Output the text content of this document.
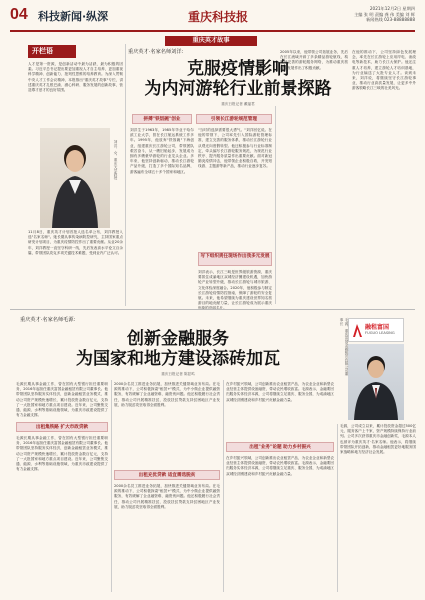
04 科技新闻·纵深	重庆科技报
2021年12月2日 星期四
主编 张 明 责编 龚 伟 美编 刘 辉
新闻热线 023-88888888
重庆英才故事
开栏语
人才是第一资源，是创新活动中最为活跃、最为积极的因素。习近平总书记提出要更加重视人才自主培养，更加重视科学精神、创新能力、批判性思维的培养教育。为深入贯彻中央人才工作会议精神，本报推出"重庆英才故事"专栏，讲述重庆英才扎根巴渝、潜心科研、服务发展的创新故事，营造尊才爱才的良好氛围。
刘洋，女，重庆大学教授
11月8日，重庆英才计划首批人选名单公布，刘洋教授入选"名家名师"。她长期从事传染病防控研究，主持国家重点研发计划项目，为重庆疫情防控作出了重要贡献。从业20余年，刘洋教授一直坚守科研一线，先后发表高水平论文百余篇，带领团队攻克多项关键技术难题，受到业内广泛认可。
重庆英才·名家名师刘洋：
克服疫情影响
为内河游轮行业前景探路
重庆日报记者 戴福君
拼搏"铁饭碗"创业	引领长江游轮规范管理
刘洋生于1963年，1985年毕业于哈尔滨工业大学，曾在长江航运系统工作多年。1995年，他放弃"铁饭碗"下海创业，组建重庆长江游轮公司，带领团队艰苦奋斗，从一艘旧船起步，发展成为拥有多艘豪华游轮的行业龙头企业。多年来，他坚持创新驱动，推动长江游轮产品升级，打造了多个国际知名品牌，游客遍布全球五十多个国家和地区。
"当时的选择需要很大勇气。"刘洋回忆说。在他的带领下，公司率先引入国际游轮管理标准，建立完善的服务体系，推动长江游轮行业从观光向度假转型。他还积极参与行业标准制定，牵头编写长江游轮服务规范，为规范行业秩序、提升服务质量作出重要贡献。面对新冠肺炎疫情冲击，他带领企业积极自救，开发短线游、主题游等新产品，推动行业逐步复苏。
写下组织责任现场作出我多元发展
刘洋表示，长江三峡是世界级旅游资源，重庆要抓住成渝地区双城经济圈建设机遇，加快游轮产业转型升级，推动长江游轮与城市旅游、文化体验深度融合。2020年，他积极参与制定长江游轮疫情防控指南，保障了游轮的安全复航。未来，他希望继续为重庆建设世界知名旅游目的地贡献力量，让长江游轮成为展示重庆
2005年以来，他带领公司拓展业务，先后在长江流域开辟了多条精品游轮航线，构建起完善的游轮服务网络，为推动重庆旅游业发展作出了积极贡献。
在他的推动下，公司坚持绿色发展理念，率先在长江游轮上应用岸电、油改电等新技术，助力长江大保护。他还注重人才培养，建立游轮人才培训基地，为行业输送了大批专业人才。谈到未来，刘洋说，将继续坚守长江游轮事业，推动行业高质量发展，让更多中外游客领略长江三峡的壮美风光。
重庆英才·名家名师毛源：
创新金融服务
为国家和地方建设添砖加瓦
重庆日报记者 陈显鸣
融租富国
FUGUO LEASING
毛源，重庆富国金融租赁有限公司董事长
毛源长期从事金融工作，曾在国有大型银行担任重要职务，2016年起担任重庆富国金融租赁有限公司董事长。他带领团队坚持服务实体经济，创新金融租赁业务模式，推动公司资产规模快速增长，累计投放资金数百亿元，支持了一大批国家和地方重点项目建设。近年来，公司聚焦交通、能源、水利等基础设施领域，为重庆市政建设提供了有力金融支撑。
出租集铁路 扩大市政贷款
毛源长期从事金融工作，曾在国有大型银行担任重要职务，2016年起担任重庆富国金融租赁有限公司董事长。他带领团队坚持服务实体经济，创新金融租赁业务模式，推动公司资产规模快速增长，累计投放资金数百亿元，支持了一大批国家和地方重点项目建设。近年来，公司聚焦交通、能源、水利等基础设施领域，为重庆市政建设提供了有力金融支撑。
2000余名员工推进业务拓展，加快推进关键领域业务布局。在毛源的推动下，公司积极探索"租赁+"模式，为中小微企业提供融资服务，有效缓解了企业融资难、融资贵问题。他还积极履行社会责任，推动公司开展精准扶贫，投放扶贫贷款支持贫困地区产业发展，助力脱贫攻坚取得全面胜利。
出租充优贷款 适宜需选脱贫
2000余名员工推进业务拓展，加快推进关键领域业务布局。在毛源的推动下，公司积极探索"租赁+"模式，为中小微企业提供融资服务，有效缓解了企业融资难、融资贵问题。他还积极履行社会责任，推动公司开展精准扶贫，投放扶贫贷款支持贫困地区产业发展，助力脱贫攻坚取得全面胜利。
在乡村振兴领域，公司创新推出农业租赁产品，为农业企业和新型农业经营主体提供设备融资，带动农民增收致富。毛源表示，金融要回归服务实体经济本源，公司将继续立足重庆、服务全国，为成渝地区双城经济圈建设和乡村振兴贡献金融力量。
出租"业务"论题 助力乡村振兴
在乡村振兴领域，公司创新推出农业租赁产品，为农业企业和新型农业经营主体提供设备融资，带动农民增收致富。毛源表示，金融要回归服务实体经济本源，公司将继续立足重庆、服务全国，为成渝地区双城经济圈建设和乡村振兴贡献金融力量。
毛源，公司成立以来，累计投放资金超过500亿元，服务客户上千家，资产规模持续保持行业前列。公司多次获得重庆市金融创新奖，毛源本人也被评为重庆英才·名家名师。他表示，将继续带领团队开拓创新，推动金融租赁更好地服务国家战略和地方经济社会发展。
